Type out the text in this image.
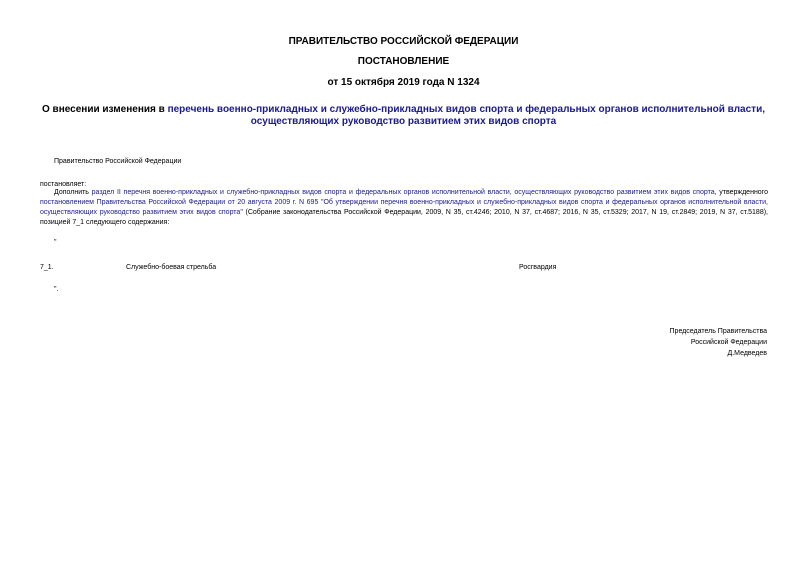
ПРАВИТЕЛЬСТВО РОССИЙСКОЙ ФЕДЕРАЦИИ
ПОСТАНОВЛЕНИЕ
от 15 октября 2019 года N 1324
О внесении изменения в перечень военно-прикладных и служебно-прикладных видов спорта и федеральных органов исполнительной власти, осуществляющих руководство развитием этих видов спорта
Правительство Российской Федерации
постановляет:
Дополнить раздел II перечня военно-прикладных и служебно-прикладных видов спорта и федеральных органов исполнительной власти, осуществляющих руководство развитием этих видов спорта, утвержденного постановлением Правительства Российской Федерации от 20 августа 2009 г. N 695 "Об утверждении перечня военно-прикладных и служебно-прикладных видов спорта и федеральных органов исполнительной власти, осуществляющих руководство развитием этих видов спорта" (Собрание законодательства Российской Федерации, 2009, N 35, ст.4246; 2010, N 37, ст.4687; 2016, N 35, ст.5329; 2017, N 19, ст.2849; 2019, N 37, ст.5188), позицией 7_1 следующего содержания:
"
7_1.	Служебно-боевая стрельба	Росгвардия
".
Председатель Правительства
Российской Федерации
Д.Медведев
